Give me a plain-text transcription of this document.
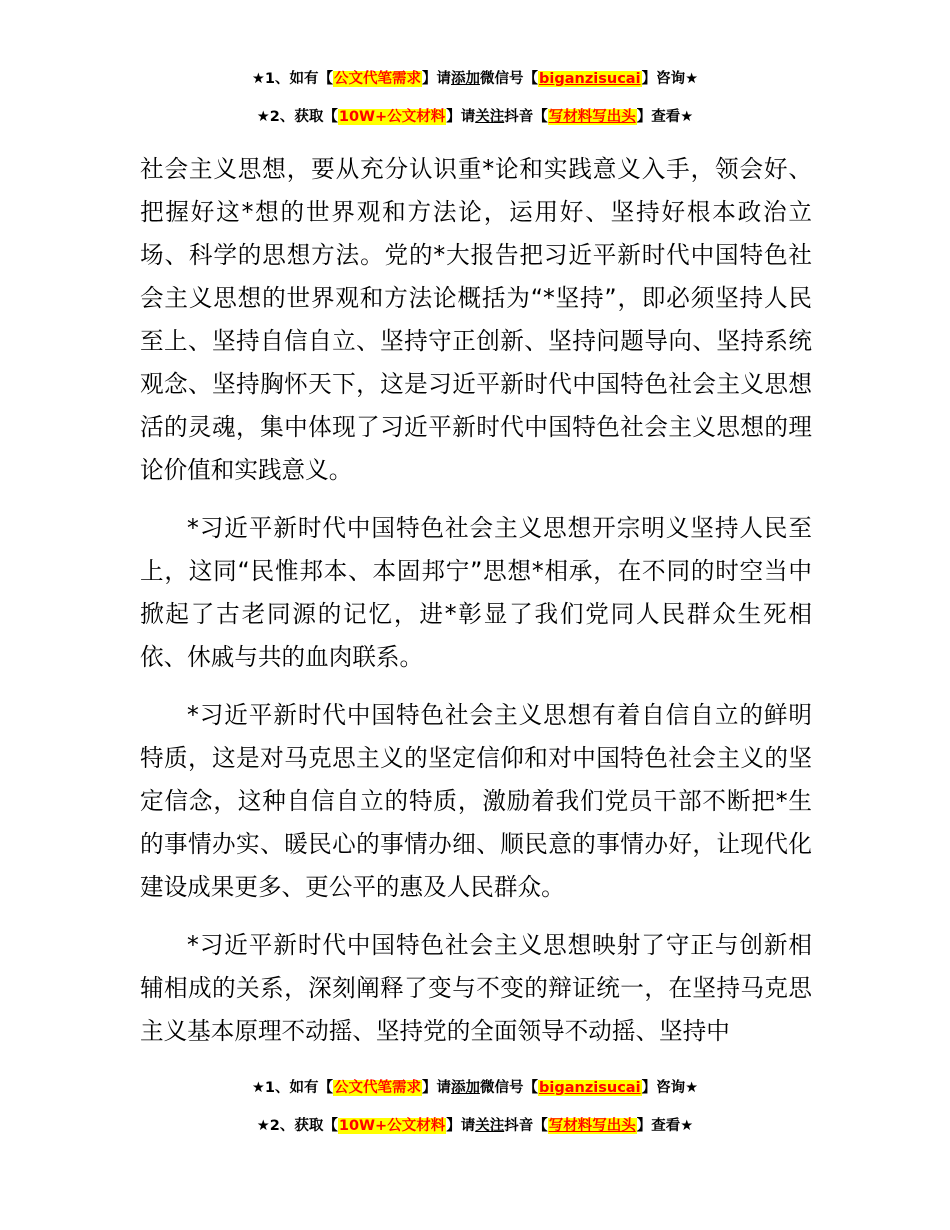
★1、如有【公文代笔需求】请添加微信号【biganzisucai】咨询★
★2、获取【10W+公文材料】请关注抖音【写材料写出头】查看★

社会主义思想，要从充分认识重*论和实践意义入手，领会好、把握好这*想的世界观和方法论，运用好、坚持好根本政治立场、科学的思想方法。党的*大报告把习近平新时代中国特色社会主义思想的世界观和方法论概括为“*坚持”，即必须坚持人民至上、坚持自信自立、坚持守正创新、坚持问题导向、坚持系统观念、坚持胸怀天下，这是习近平新时代中国特色社会主义思想活的灵魂，集中体现了习近平新时代中国特色社会主义思想的理论价值和实践意义。

*习近平新时代中国特色社会主义思想开宗明义坚持人民至上，这同“民惟邦本、本固邦宁”思想*相承，在不同的时空当中掀起了古老同源的记忆，进*彰显了我们党同人民群众生死相依、休戚与共的血肉联系。

*习近平新时代中国特色社会主义思想有着自信自立的鲜明特质，这是对马克思主义的坚定信仰和对中国特色社会主义的坚定信念，这种自信自立的特质，激励着我们党员干部不断把*生的事情办实、暖民心的事情办细、顺民意的事情办好，让现代化建设成果更多、更公平的惠及人民群众。

*习近平新时代中国特色社会主义思想映射了守正与创新相辅相成的关系，深刻阐释了变与不变的辩证统一，在坚持马克思主义基本原理不动摇、坚持党的全面领导不动摇、坚持中

★1、如有【公文代笔需求】请添加微信号【biganzisucai】咨询★
★2、获取【10W+公文材料】请关注抖音【写材料写出头】查看★
